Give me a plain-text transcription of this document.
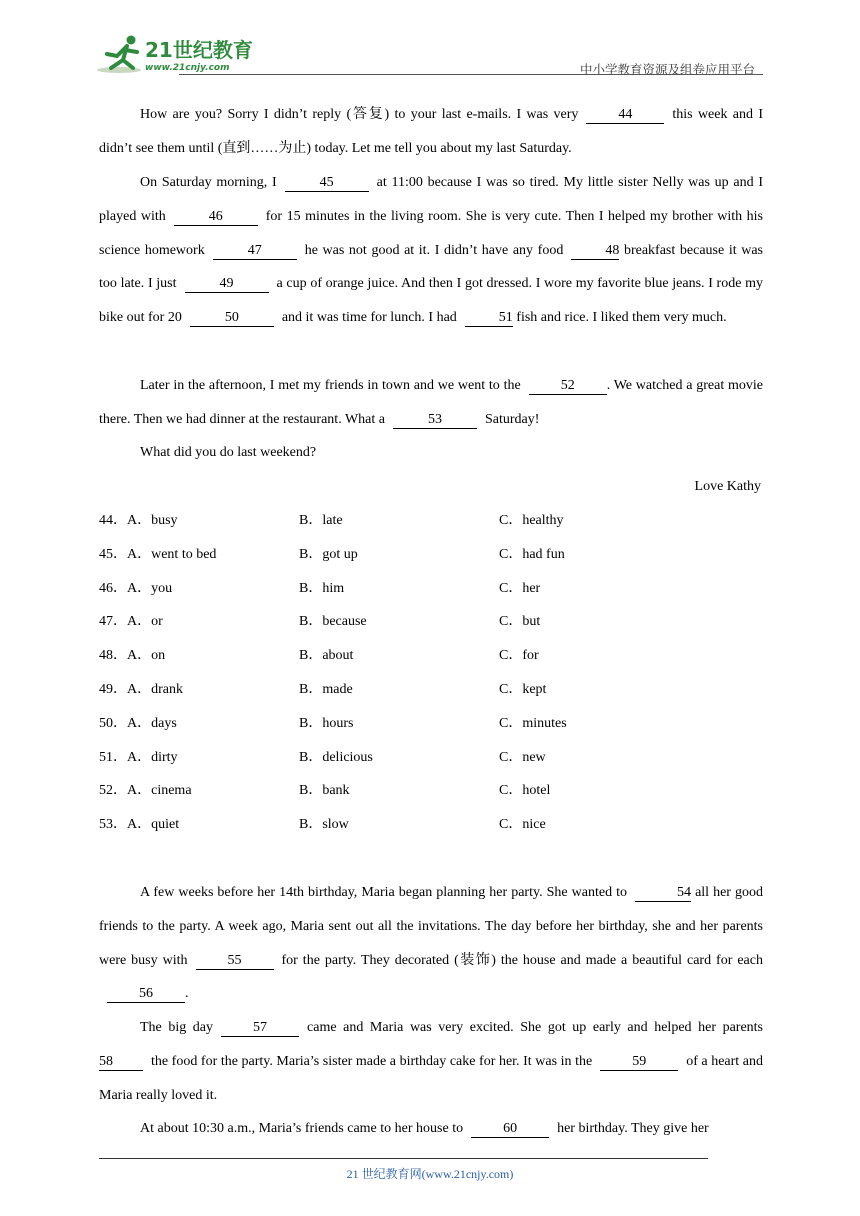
21世纪教育
www.21cnjy.com	中小学教育资源及组卷应用平台

How are you? Sorry I didn’t reply (答复) to your last e-mails. I was very	44	this week and I didn’t see them until (直到……为止) today. Let me tell you about my last Saturday.

On Saturday morning, I	45	at 11:00 because I was so tired. My little sister Nelly was up and I played with	46	for 15 minutes in the living room. She is very cute. Then I helped my brother with his science homework	47	he was not good at it. I didn’t have any food	48 breakfast because it was too late. I just	49	a cup of orange juice. And then I got dressed. I wore my favorite blue jeans. I rode my bike out for 20	50	and it was time for lunch. I had	51 fish and rice. I liked them very much.

Later in the afternoon, I met my friends in town and we went to the	52 . We watched a great movie there. Then we had dinner at the restaurant. What a	53	Saturday!

What did you do last weekend?

Love Kathy
44．A．busy	B．late	C．healthy
45．A．went to bed	B．got up	C．had fun
46．A．you	B．him	C．her
47．A．or	B．because	C．but
48．A．on	B．about	C．for
49．A．drank	B．made	C．kept
50．A．days	B．hours	C．minutes
51．A．dirty	B．delicious	C．new
52．A．cinema	B．bank	C．hotel
53．A．quiet	B．slow	C．nice

A few weeks before her 14th birthday, Maria began planning her party. She wanted to	54 all her good friends to the party. A week ago, Maria sent out all the invitations. The day before her birthday, she and her parents were busy with	55	for the party. They decorated (装饰) the house and made a beautiful card for each56 .

The big day	57	came and Maria was very excited. She got up early and helped her parents58	the food for the party. Maria’s sister made a birthday cake for her. It was in the	59	of a heart and Maria really loved it.

At about 10:30 a.m., Maria’s friends came to her house to	60	her birthday. They give her

21 世纪教育网(www.21cnjy.com)
